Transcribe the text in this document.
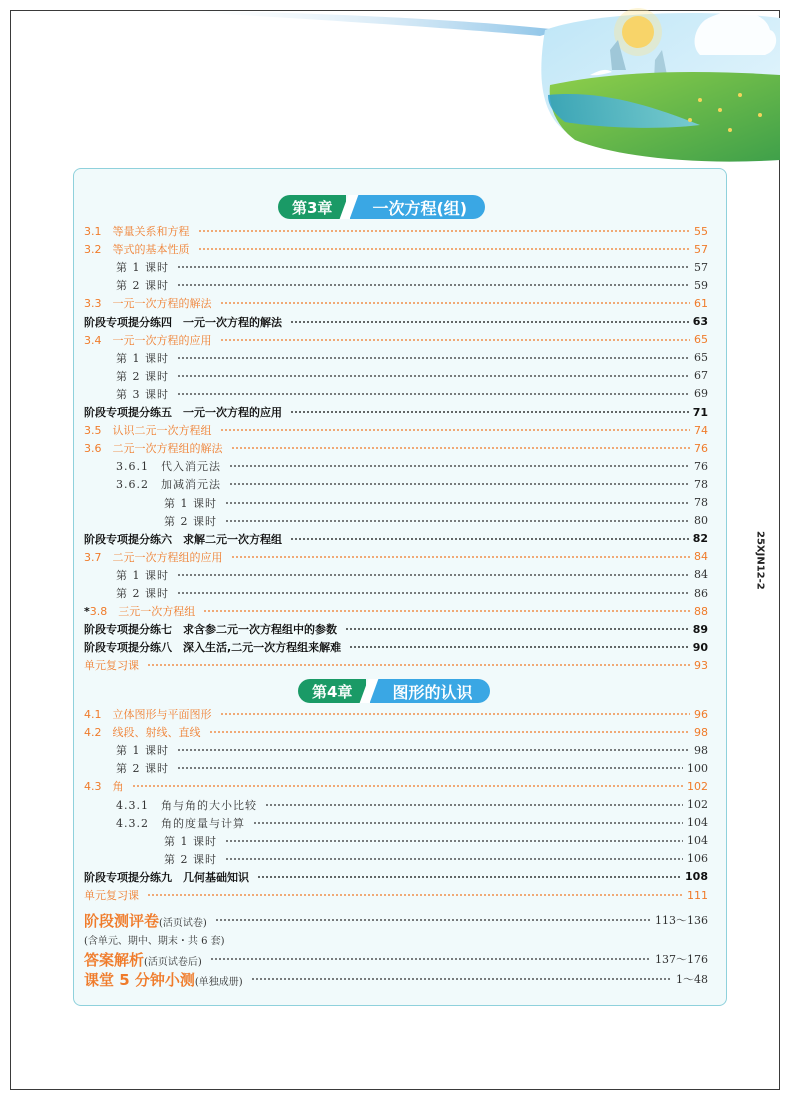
25XJN12-2
第3章	一次方程(组)
3.1　等量关系和方程	55
3.2　等式的基本性质	57
第 1 课时	57
第 2 课时	59
3.3　一元一次方程的解法	61
阶段专项提分练四　一元一次方程的解法	63
3.4　一元一次方程的应用	65
第 1 课时	65
第 2 课时	67
第 3 课时	69
阶段专项提分练五　一元一次方程的应用	71
3.5　认识二元一次方程组	74
3.6　二元一次方程组的解法	76
3.6.1　代入消元法	76
3.6.2　加减消元法	78
第 1 课时	78
第 2 课时	80
阶段专项提分练六　求解二元一次方程组	82
3.7　二元一次方程组的应用	84
第 1 课时	84
第 2 课时	86
*3.8　三元一次方程组	88
阶段专项提分练七　求含参二元一次方程组中的参数	89
阶段专项提分练八　深入生活,二元一次方程组来解难	90
单元复习课	93
第4章	图形的认识
4.1　立体图形与平面图形	96
4.2　线段、射线、直线	98
第 1 课时	98
第 2 课时	100
4.3　角	102
4.3.1　角与角的大小比较	102
4.3.2　角的度量与计算	104
第 1 课时	104
第 2 课时	106
阶段专项提分练九　几何基础知识	108
单元复习课	111
阶段测评卷(活页试卷)	113～136
(含单元、期中、期末・共 6 套)
答案解析(活页试卷后)	137～176
课堂 5 分钟小测(单独成册)	1～48
